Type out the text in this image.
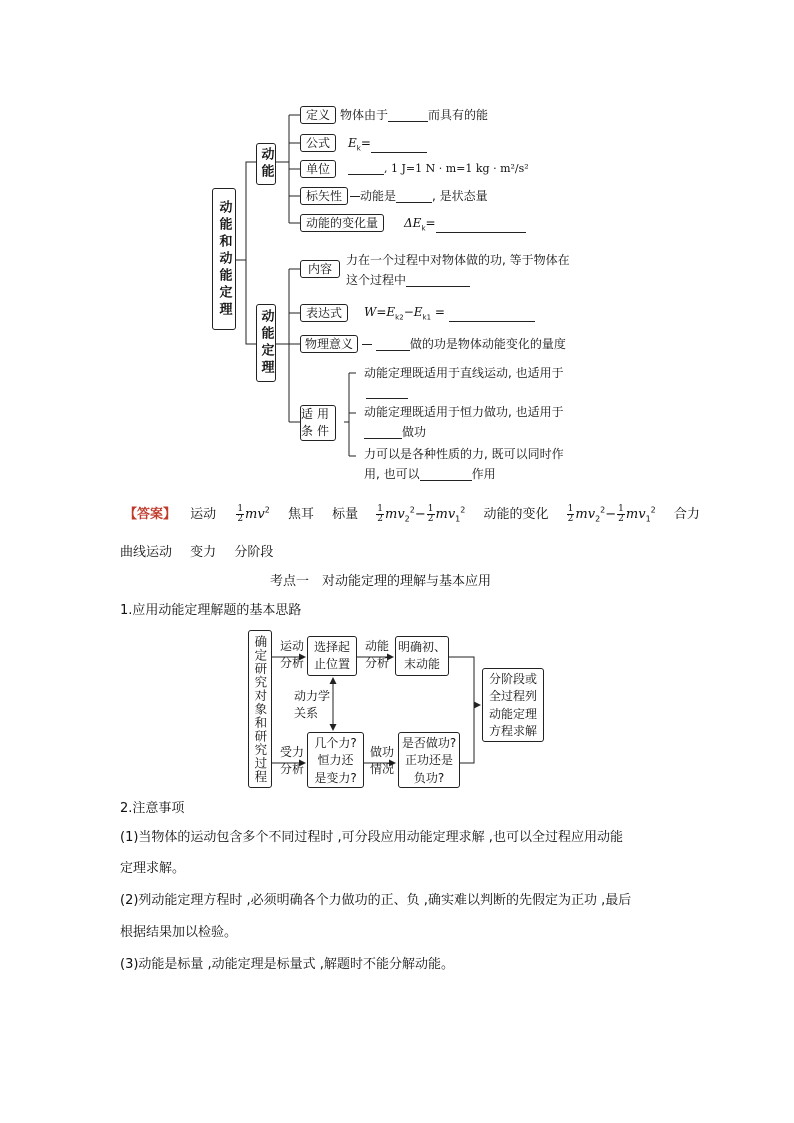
动能和动能定理
动能
动能定理
定义 物体由于	而具有的能
公式	$E_k=$
单位	, 1 J=1 N · m=1 kg · m²/s²
标矢性	动能是	, 是状态量
动能的变化量	$\Delta E_k=$
内容
力在一个过程中对物体做的功, 等于物体在
这个过程中
表达式	$W=E_{k2}-E_{k1}$ =
物理意义	做的功是物体动能变化的量度
适用条件
动能定理既适用于直线运动, 也适用于
动能定理既适用于恒力做功, 也适用于
做功
力可以是各种性质的力, 既可以同时作
用, 也可以	作用
【答案】 运动 $\frac{1}{2} mv^2$ 焦耳 标量 $\frac{1}{2} mv_2^2- \frac{1}{2} mv_1^2$ 动能的变化 $\frac{1}{2} mv_2^2- \frac{1}{2} mv_1^2$ 合力
曲线运动 变力 分阶段
考点一　对动能定理的理解与基本应用
1.应用动能定理解题的基本思路
确定研究对象和研究过程 运动
分析
选择起
止位置
动能
分析
明确初、
末动能
动力学
关系
受力
分析
几个力?
恒力还
是变力?
做功
情况
是否做功?
正功还是
负功?
分阶段或
全过程列
动能定理
方程求解
2.注意事项
(1)当物体的运动包含多个不同过程时 ,可分段应用动能定理求解 ,也可以全过程应用动能
定理求解。
(2)列动能定理方程时 ,必须明确各个力做功的正、负 ,确实难以判断的先假定为正功 ,最后
根据结果加以检验。
(3)动能是标量 ,动能定理是标量式 ,解题时不能分解动能。
